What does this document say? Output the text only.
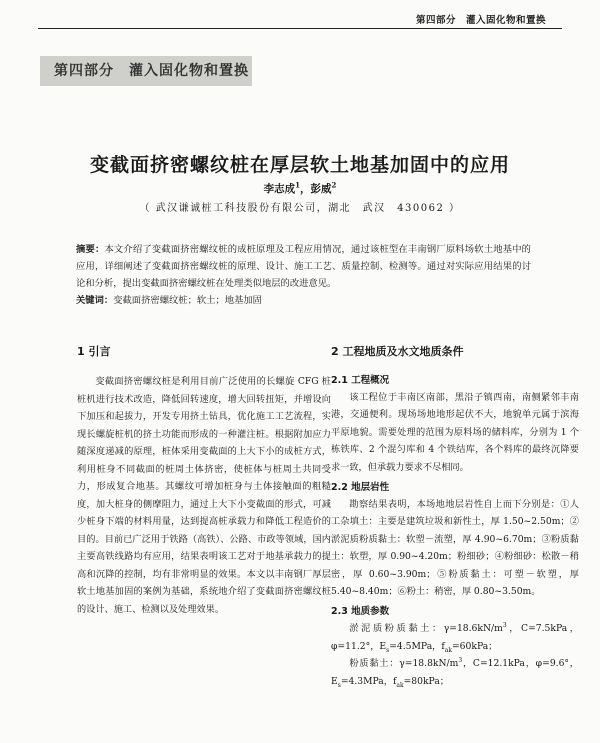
第四部分　灌入固化物和置换
第四部分　灌入固化物和置换
变截面挤密螺纹桩在厚层软土地基加固中的应用
李志成$^1$，彭威$^2$
（ 武汉谦诚桩工科技股份有限公司，湖北　武汉　430062 ）

摘要：本文介绍了变截面挤密螺纹桩的成桩原理及工程应用情况，通过该桩型在丰南钢厂原料场软土地基中的应用，详细阐述了变截面挤密螺纹桩的原理、设计、施工工艺、质量控制、检测等。通过对实际应用结果的讨论和分析，提出变截面挤密螺纹桩在处理类似地层的改进意见。

关键词：变截面挤密螺纹桩；软土；地基加固

1 引言

变截面挤密螺纹桩是利用目前广泛使用的长螺旋 CFG 桩桩机进行技术改造，降低回转速度，增大回转扭矩，并增设向下加压和起拔力，开发专用挤土钻具，优化施工工艺流程，实现长螺旋桩机的挤土功能而形成的一种灌注桩。根据附加应力随深度递减的原理，桩体采用变截面的上大下小的成桩方式，利用桩身不同截面的桩周土体挤密，使桩体与桩周土共同受力，形成复合地基。其螺纹可增加桩身与土体接触面的粗糙度，加大桩身的侧摩阻力，通过上大下小变截面的形式，可减少桩身下端的材料用量，达到提高桩承载力和降低工程造价的目的。目前已广泛用于铁路（高铁）、公路、市政等领域，国内主要高铁线路均有应用，结果表明该工艺对于地基承载力的提高和沉降的控制，均有非常明显的效果。本文以丰南钢厂厚层软土地基加固的案例为基础，系统地介绍了变截面挤密螺纹桩的设计、施工、检测以及处理效果。

2 工程地质及水文地质条件
2.1 工程概况

该工程位于丰南区南部，黑沿子镇西南，南侧紧邻丰南港，交通便利。现场场地地形起伏不大，地貌单元属于滨海平原地貌。需要处理的范围为原料场的储料库，分别为 1 个栋铁库、2 个混匀库和 4 个铁结库，各个料库的最终沉降要求一致，但承载力要求不尽相同。

2.2 地层岩性

勘察结果表明，本场地地层岩性自上而下分别是：①人工杂填土：主要是建筑垃圾和新性土，厚 1.50~2.50m；②淤泥质粉质黏土：软塑－流塑，厚 4.90~6.70m；③粉质黏土：软塑，厚 0.90~4.20m；粉细砂；④粉细砂：松散－稍密，厚 0.60~3.90m；⑤粉质黏土：可塑－软塑，厚 5.40~8.40m；⑥粉土：稍密，厚 0.80~3.50m。

2.3 地质参数

淤泥质粉质黏土：$\gamma=18.6kN/m^3$，C=7.5kPa，φ=11.2°，$E_s=4.5MPa$，$f_{ak}=60kPa$；

粉质黏土：$\gamma=18.8kN/m^3$，C=12.1kPa，φ=9.6°，$E_s=4.3MPa$，$f_{ak}=80kPa$；
